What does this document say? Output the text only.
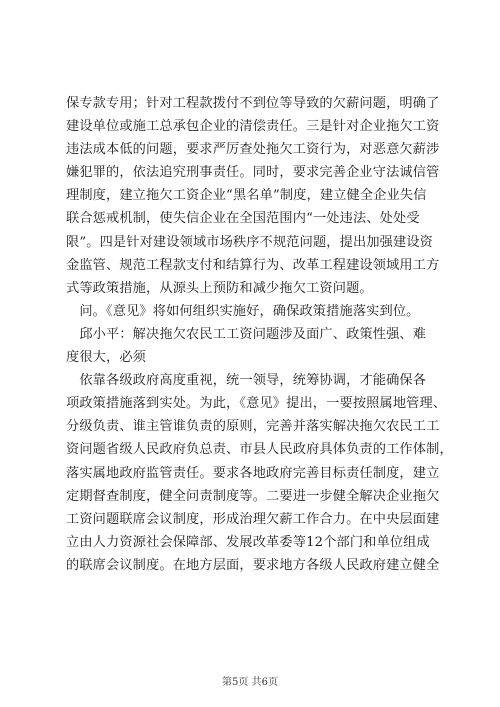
保专款专用；针对工程款拨付不到位等导致的欠薪问题，明确了
建设单位或施工总承包企业的清偿责任。三是针对企业拖欠工资
违法成本低的问题，要求严厉查处拖欠工资行为，对恶意欠薪涉
嫌犯罪的，依法追究刑事责任。同时，要求完善企业守法诚信管
理制度，建立拖欠工资企业“黑名单”制度，建立健全企业失信
联合惩戒机制，使失信企业在全国范围内“一处违法、处处受
限”。四是针对建设领域市场秩序不规范问题，提出加强建设资
金监管、规范工程款支付和结算行为、改革工程建设领域用工方
式等政策措施，从源头上预防和减少拖欠工资问题。
　问。《意见》将如何组织实施好，确保政策措施落实到位。
　邱小平：解决拖欠农民工工资问题涉及面广、政策性强、难
度很大，必须
　依靠各级政府高度重视，统一领导，统筹协调，才能确保各
项政策措施落到实处。为此，《意见》提出，一要按照属地管理、
分级负责、谁主管谁负责的原则，完善并落实解决拖欠农民工工
资问题省级人民政府负总责、市县人民政府具体负责的工作体制，
落实属地政府监管责任。要求各地政府完善目标责任制度，建立
定期督查制度，健全问责制度等。二要进一步健全解决企业拖欠
工资问题联席会议制度，形成治理欠薪工作合力。在中央层面建
立由人力资源社会保障部、发展改革委等12个部门和单位组成
的联席会议制度。在地方层面，要求地方各级人民政府建立健全
第5页 共6页
